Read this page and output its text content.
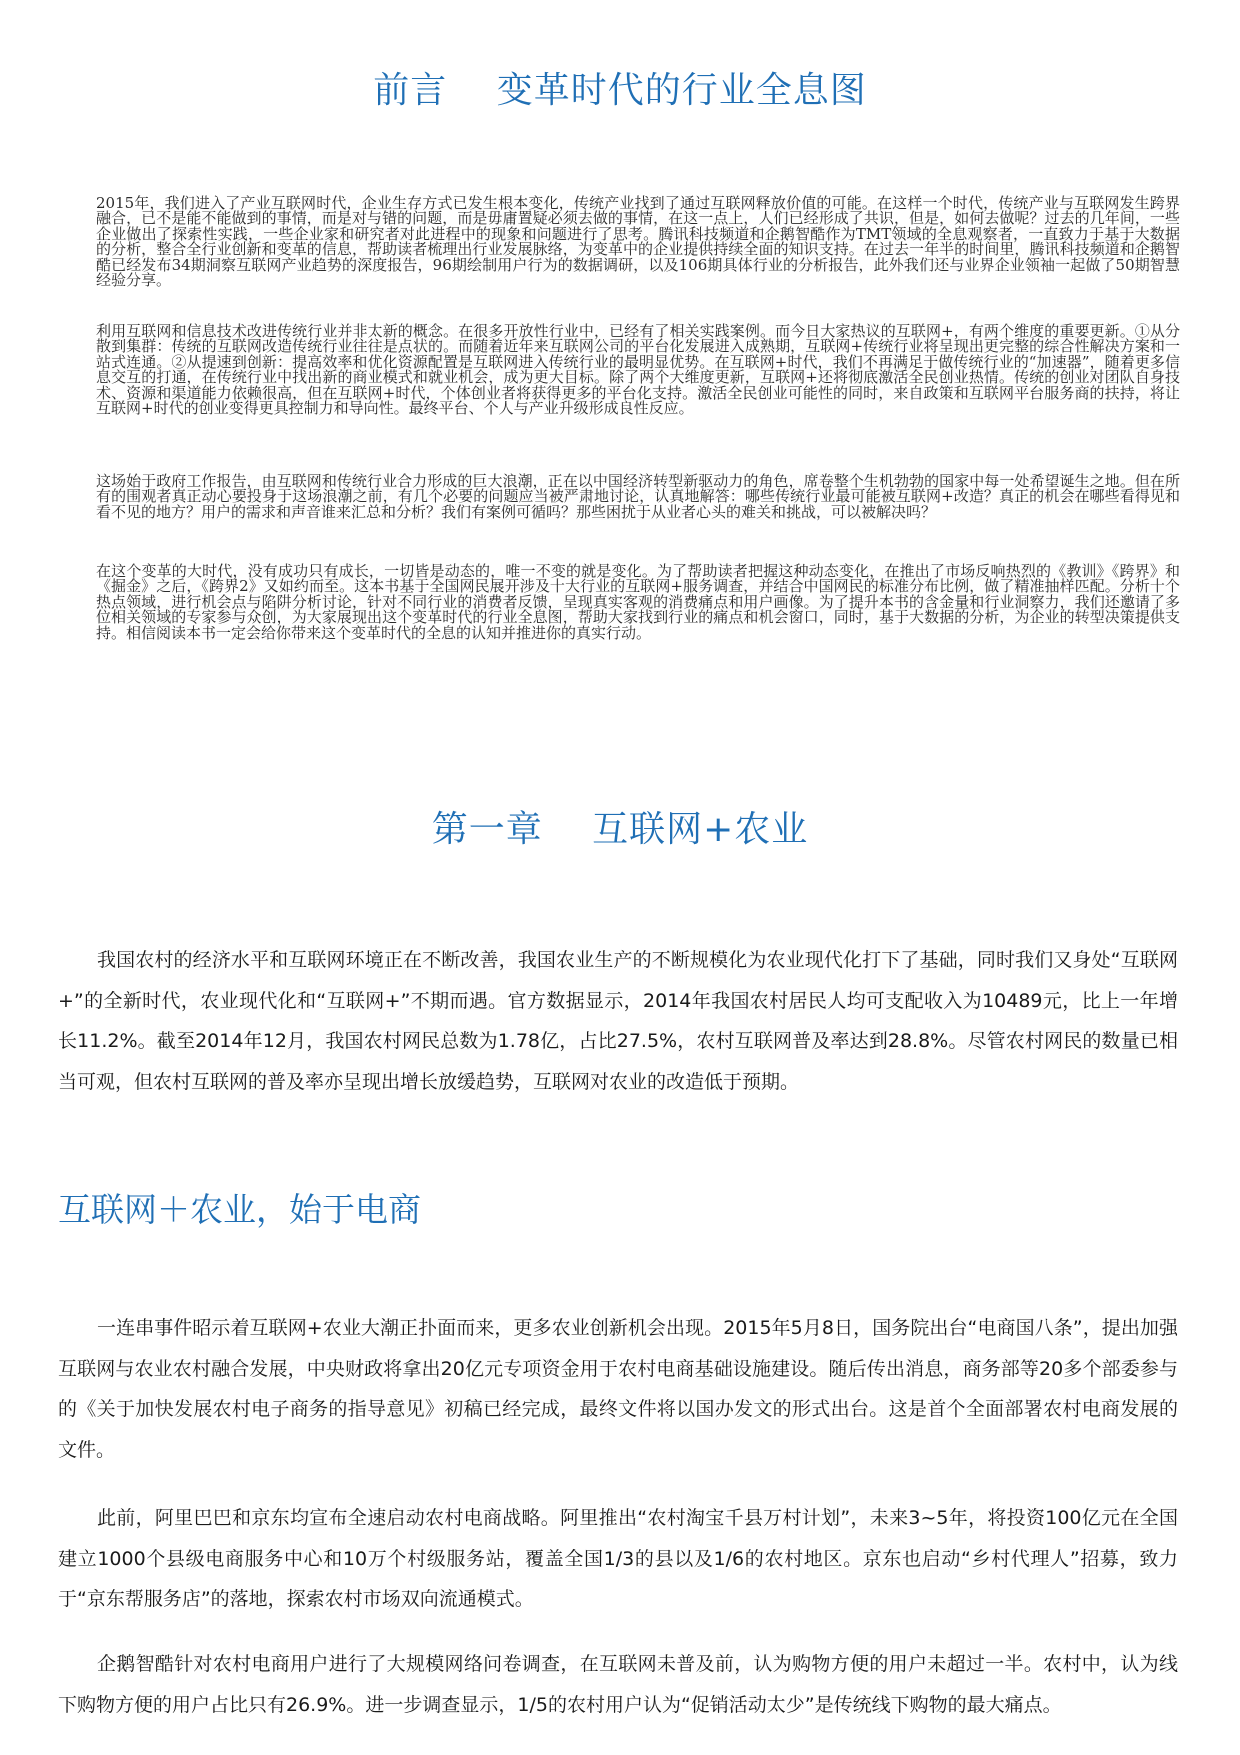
前言　 变革时代的行业全息图

2015年，我们进入了产业互联网时代，企业生存方式已发生根本变化，传统产业找到了通过互联网释放价值的可能。在这样一个时代，传统产业与互联网发生跨界融合，已不是能不能做到的事情，而是对与错的问题，而是毋庸置疑必须去做的事情，在这一点上，人们已经形成了共识，但是，如何去做呢？过去的几年间，一些企业做出了探索性实践，一些企业家和研究者对此进程中的现象和问题进行了思考。腾讯科技频道和企鹅智酷作为TMT领域的全息观察者，一直致力于基于大数据的分析，整合全行业创新和变革的信息，帮助读者梳理出行业发展脉络，为变革中的企业提供持续全面的知识支持。在过去一年半的时间里，腾讯科技频道和企鹅智酷已经发布34期洞察互联网产业趋势的深度报告，96期绘制用户行为的数据调研，以及106期具体行业的分析报告，此外我们还与业界企业领袖一起做了50期智慧经验分享。

利用互联网和信息技术改进传统行业并非太新的概念。在很多开放性行业中，已经有了相关实践案例。而今日大家热议的互联网+，有两个维度的重要更新。①从分散到集群：传统的互联网改造传统行业往往是点状的。而随着近年来互联网公司的平台化发展进入成熟期，互联网+传统行业将呈现出更完整的综合性解决方案和一站式连通。②从提速到创新：提高效率和优化资源配置是互联网进入传统行业的最明显优势。在互联网+时代，我们不再满足于做传统行业的“加速器”，随着更多信息交互的打通，在传统行业中找出新的商业模式和就业机会，成为更大目标。除了两个大维度更新，互联网+还将彻底激活全民创业热情。传统的创业对团队自身技术、资源和渠道能力依赖很高，但在互联网+时代，个体创业者将获得更多的平台化支持。激活全民创业可能性的同时，来自政策和互联网平台服务商的扶持，将让互联网+时代的创业变得更具控制力和导向性。最终平台、个人与产业升级形成良性反应。

这场始于政府工作报告，由互联网和传统行业合力形成的巨大浪潮，正在以中国经济转型新驱动力的角色，席卷整个生机勃勃的国家中每一处希望诞生之地。但在所有的围观者真正动心要投身于这场浪潮之前，有几个必要的问题应当被严肃地讨论，认真地解答：哪些传统行业最可能被互联网+改造？真正的机会在哪些看得见和看不见的地方？用户的需求和声音谁来汇总和分析？我们有案例可循吗？那些困扰于从业者心头的难关和挑战，可以被解决吗？

在这个变革的大时代，没有成功只有成长，一切皆是动态的，唯一不变的就是变化。为了帮助读者把握这种动态变化，在推出了市场反响热烈的《教训》《跨界》和《掘金》之后，《跨界2》又如约而至。这本书基于全国网民展开涉及十大行业的互联网+服务调查，并结合中国网民的标准分布比例，做了精准抽样匹配。分析十个热点领域，进行机会点与陷阱分析讨论，针对不同行业的消费者反馈，呈现真实客观的消费痛点和用户画像。为了提升本书的含金量和行业洞察力，我们还邀请了多位相关领域的专家参与众创，为大家展现出这个变革时代的行业全息图，帮助大家找到行业的痛点和机会窗口，同时，基于大数据的分析，为企业的转型决策提供支持。相信阅读本书一定会给你带来这个变革时代的全息的认知并推进你的真实行动。

第一章　 互联网+农业

我国农村的经济水平和互联网环境正在不断改善，我国农业生产的不断规模化为农业现代化打下了基础，同时我们又身处“互联网+”的全新时代，农业现代化和“互联网+”不期而遇。官方数据显示，2014年我国农村居民人均可支配收入为10489元，比上一年增长11.2%。截至2014年12月，我国农村网民总数为1.78亿，占比27.5%，农村互联网普及率达到28.8%。尽管农村网民的数量已相当可观，但农村互联网的普及率亦呈现出增长放缓趋势，互联网对农业的改造低于预期。

互联网＋农业，始于电商

一连串事件昭示着互联网+农业大潮正扑面而来，更多农业创新机会出现。2015年5月8日，国务院出台“电商国八条”，提出加强互联网与农业农村融合发展，中央财政将拿出20亿元专项资金用于农村电商基础设施建设。随后传出消息，商务部等20多个部委参与的《关于加快发展农村电子商务的指导意见》初稿已经完成，最终文件将以国办发文的形式出台。这是首个全面部署农村电商发展的文件。

此前，阿里巴巴和京东均宣布全速启动农村电商战略。阿里推出“农村淘宝千县万村计划”，未来3~5年，将投资100亿元在全国建立1000个县级电商服务中心和10万个村级服务站，覆盖全国1/3的县以及1/6的农村地区。京东也启动“乡村代理人”招募，致力于“京东帮服务店”的落地，探索农村市场双向流通模式。

企鹅智酷针对农村电商用户进行了大规模网络问卷调查，在互联网未普及前，认为购物方便的用户未超过一半。农村中，认为线下购物方便的用户占比只有26.9%。进一步调查显示，1/5的农村用户认为“促销活动太少”是传统线下购物的最大痛点。
